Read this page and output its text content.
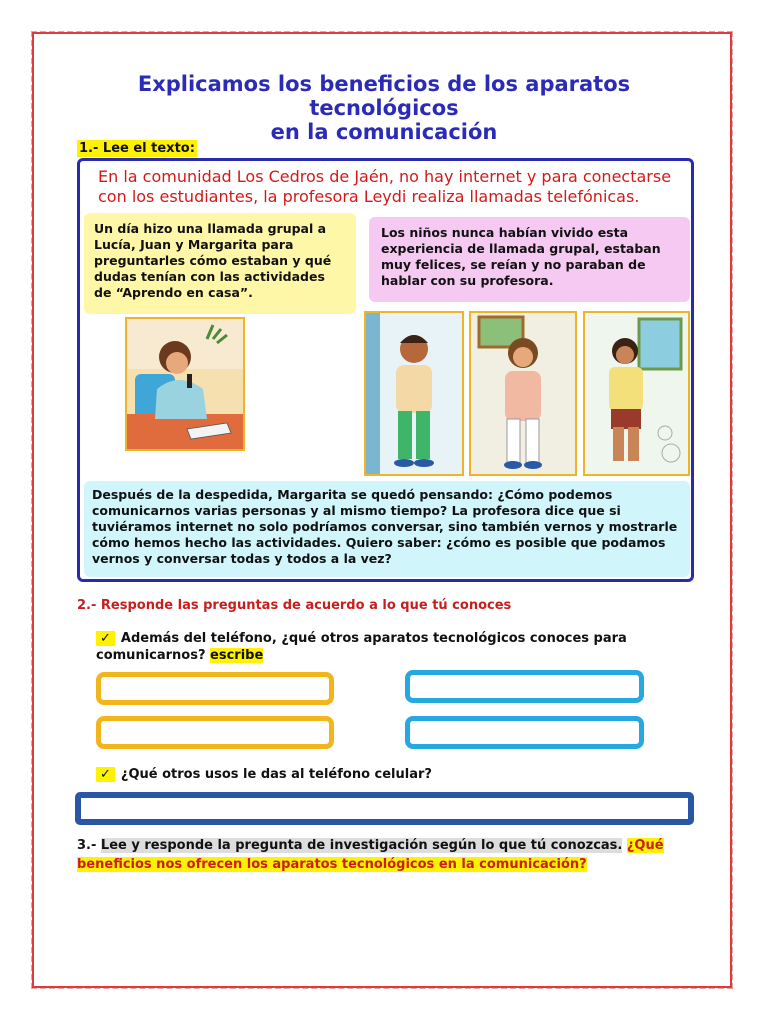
Explicamos los beneficios de los aparatos tecnológicos
en la comunicación
1.- Lee el texto:
En la comunidad Los Cedros de Jaén, no hay internet y para conectarse con los estudiantes, la profesora Leydi realiza llamadas telefónicas.
Un día hizo una llamada grupal a Lucía, Juan y Margarita para preguntarles cómo estaban y qué dudas tenían con las actividades de “Aprendo en casa”.
Los niños nunca habían vivido esta experiencia de llamada grupal, estaban muy felices, se reían y no paraban de hablar con su profesora.
Después de la despedida, Margarita se quedó pensando: ¿Cómo podemos comunicarnos varias personas y al mismo tiempo? La profesora dice que si tuviéramos internet no solo podríamos conversar, sino también vernos y mostrarle cómo hemos hecho las actividades. Quiero saber: ¿cómo es posible que podamos vernos y conversar todas y todos a la vez?
2.- Responde las preguntas de acuerdo a lo que tú conoces
✓ Además del teléfono, ¿qué otros aparatos tecnológicos conoces para comunicarnos? escribe
✓ ¿Qué otros usos le das al teléfono celular?
3.- Lee y responde la pregunta de investigación según lo que tú conozcas. ¿Qué beneficios nos ofrecen los aparatos tecnológicos en la comunicación?
